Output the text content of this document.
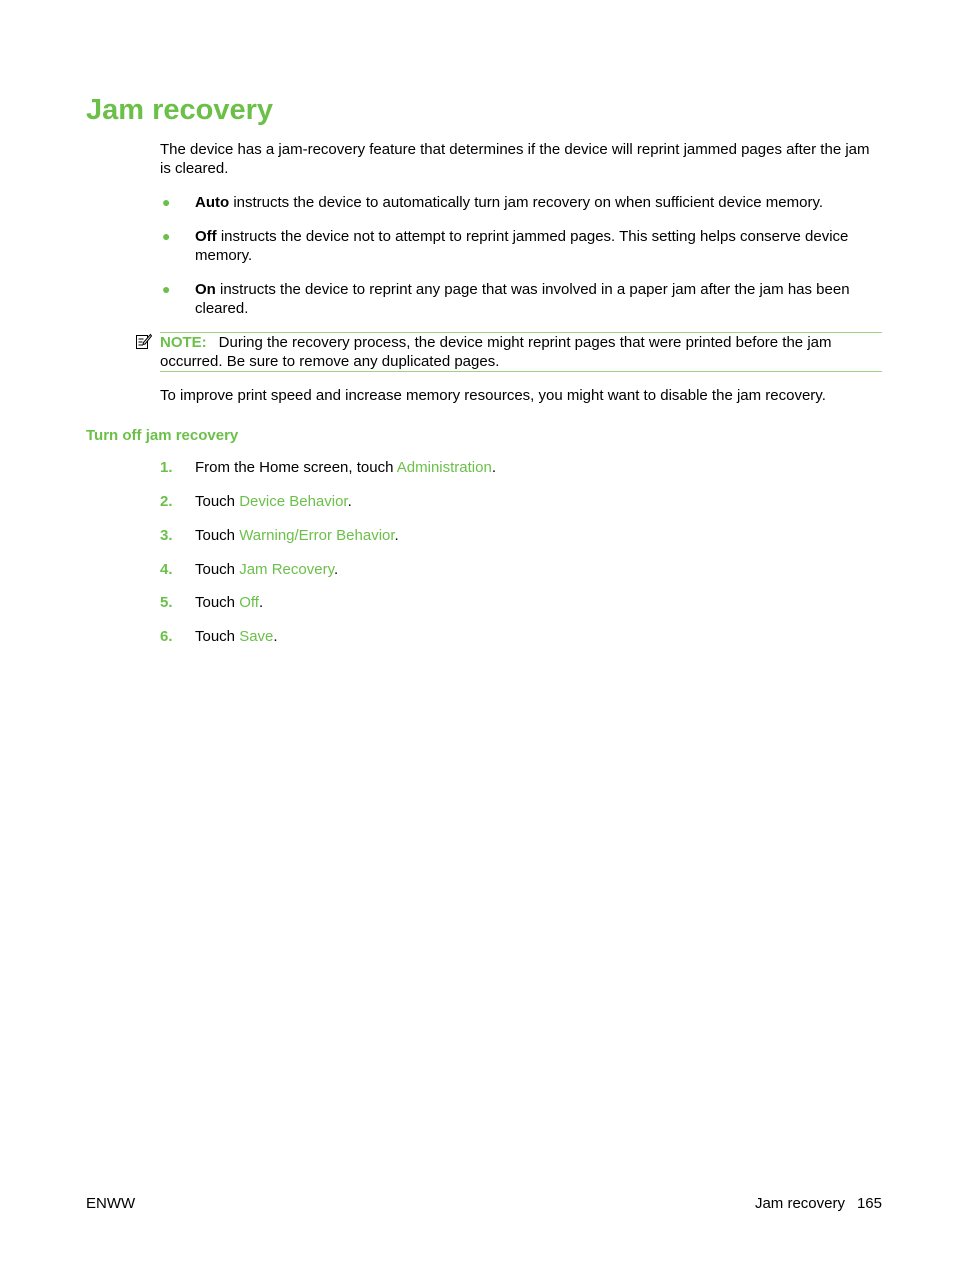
Jam recovery

The device has a jam-recovery feature that determines if the device will reprint jammed pages after the jam is cleared.

● Auto instructs the device to automatically turn jam recovery on when sufficient device memory.

● Off instructs the device not to attempt to reprint jammed pages. This setting helps conserve device memory.

● On instructs the device to reprint any page that was involved in a paper jam after the jam has been cleared.

NOTE: During the recovery process, the device might reprint pages that were printed before the jam occurred. Be sure to remove any duplicated pages.

To improve print speed and increase memory resources, you might want to disable the jam recovery.

Turn off jam recovery
1. From the Home screen, touch Administration.
2. Touch Device Behavior.
3. Touch Warning/Error Behavior.
4. Touch Jam Recovery.
5. Touch Off.
6. Touch Save.
ENWW	Jam recovery 165
